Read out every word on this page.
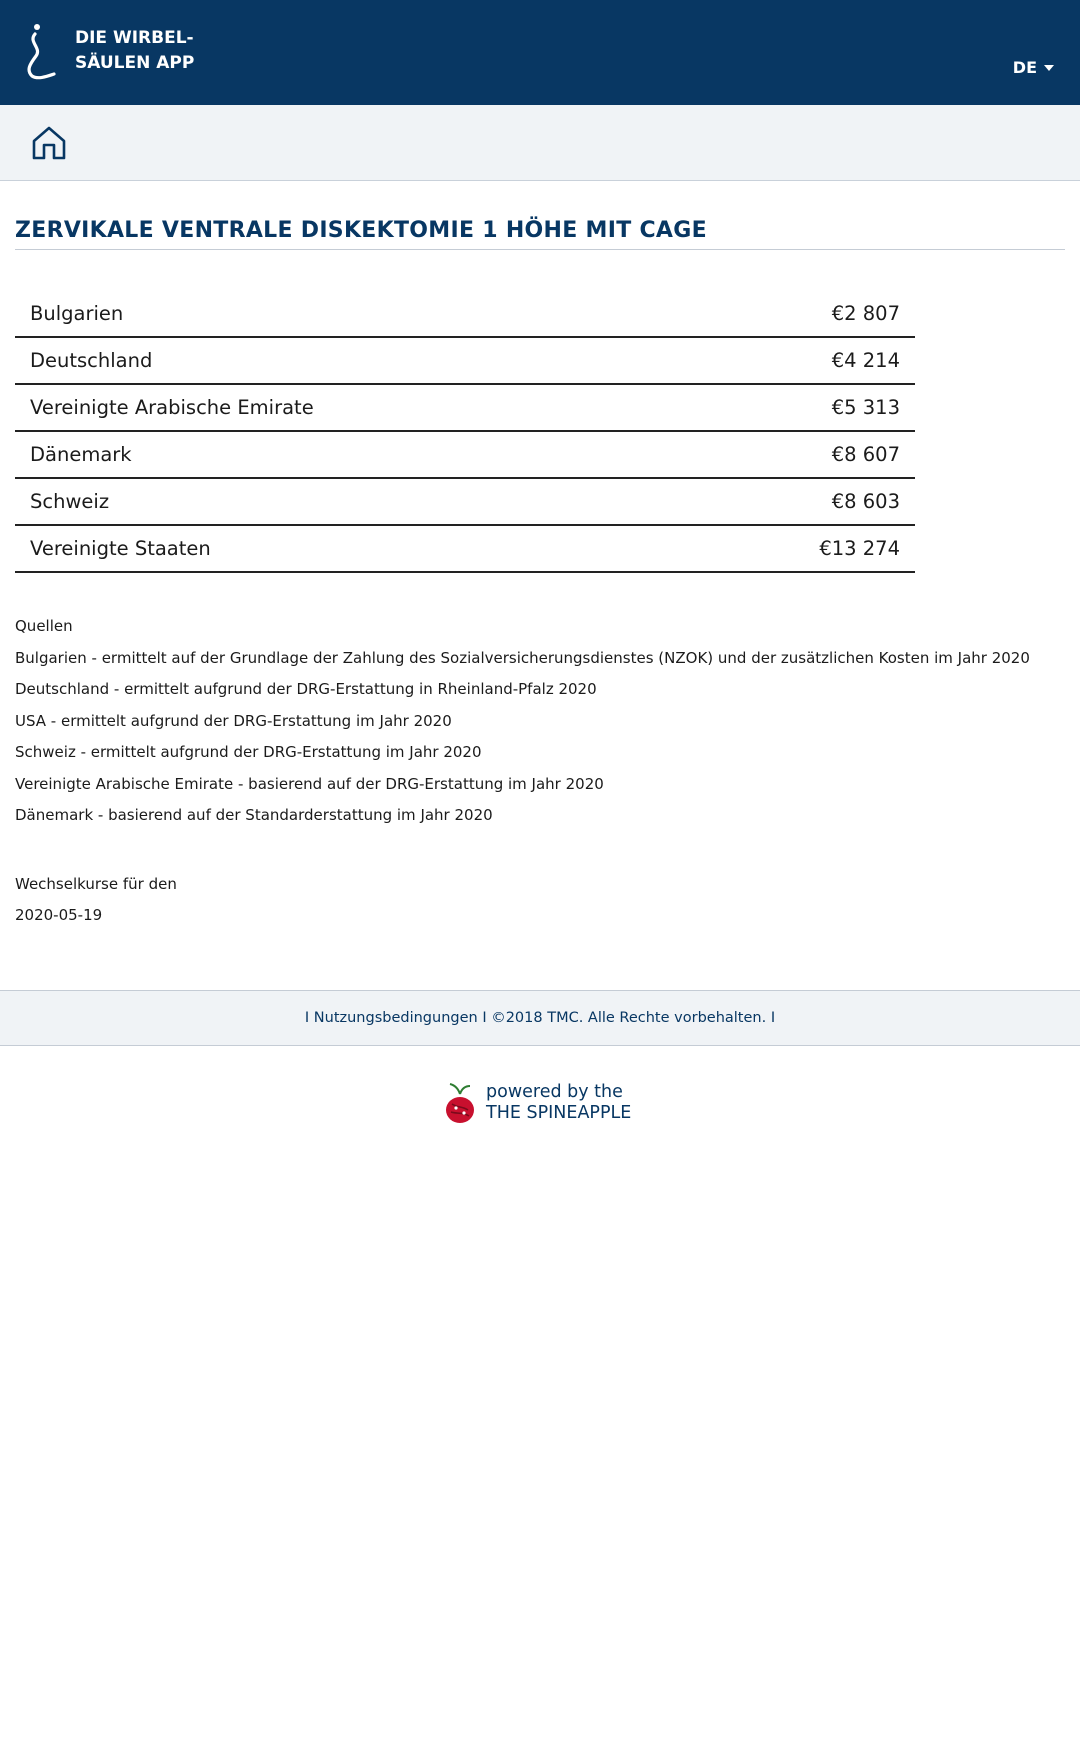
DIE WIRBEL-
SÄULEN APP	DE
ZERVIKALE VENTRALE DISKEKTOMIE 1 HÖHE MIT CAGE
Bulgarien	€2 807
Deutschland	€4 214
Vereinigte Arabische Emirate	€5 313
Dänemark	€8 607
Schweiz	€8 603
Vereinigte Staaten	€13 274
Quellen
Bulgarien - ermittelt auf der Grundlage der Zahlung des Sozialversicherungsdienstes (NZOK) und der zusätzlichen Kosten im Jahr 2020
Deutschland - ermittelt aufgrund der DRG-Erstattung in Rheinland-Pfalz 2020
USA - ermittelt aufgrund der DRG-Erstattung im Jahr 2020
Schweiz - ermittelt aufgrund der DRG-Erstattung im Jahr 2020
Vereinigte Arabische Emirate - basierend auf der DRG-Erstattung im Jahr 2020
Dänemark - basierend auf der Standarderstattung im Jahr 2020
Wechselkurse für den
2020-05-19
I
Nutzungsbedingungen
I
©2018 TMC. Alle Rechte vorbehalten.
I
powered by the
THE SPINEAPPLE
